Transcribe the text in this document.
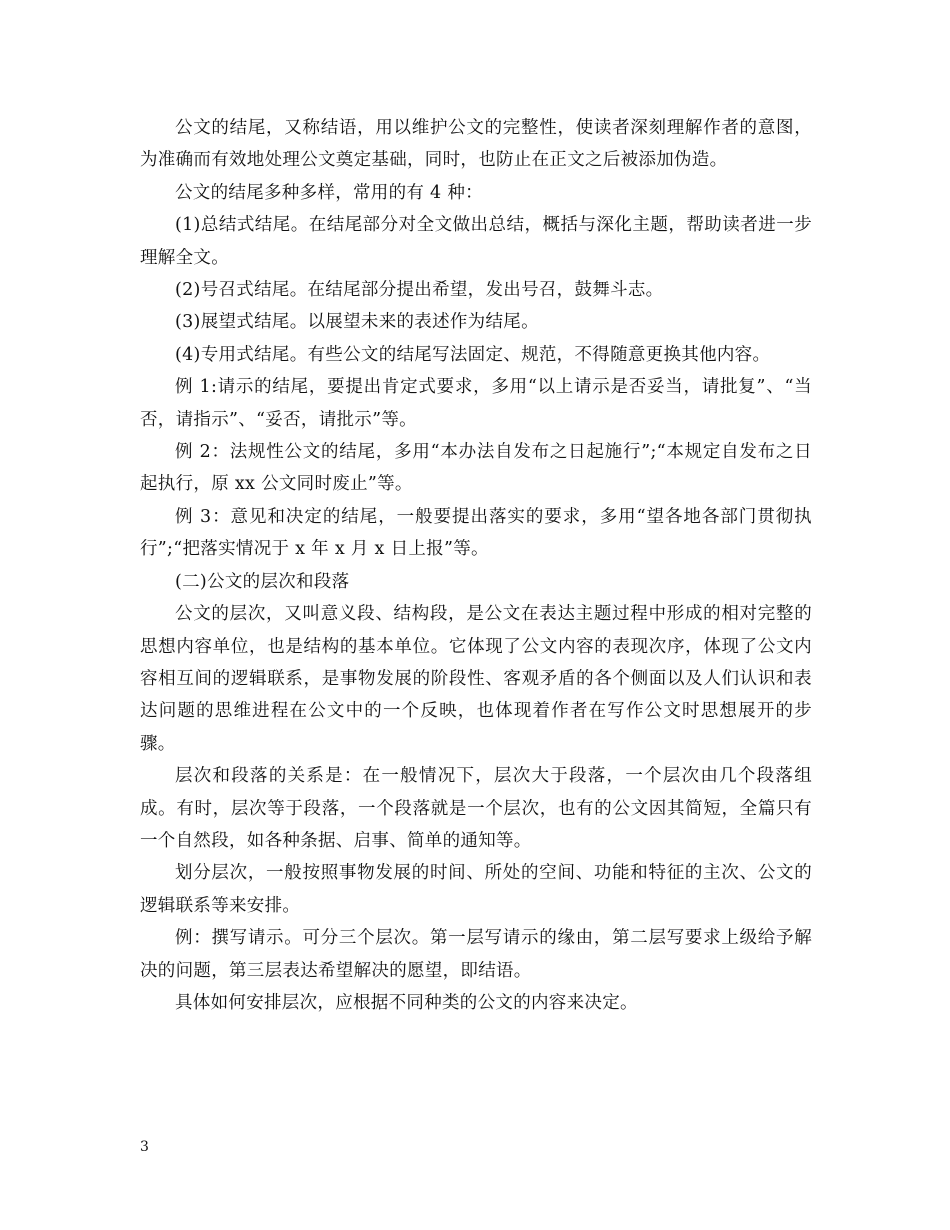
公文的结尾，又称结语，用以维护公文的完整性，使读者深刻理解作者的意图，为准确而有效地处理公文奠定基础，同时，也防止在正文之后被添加伪造。

公文的结尾多种多样，常用的有 4 种：

(1)总结式结尾。在结尾部分对全文做出总结，概括与深化主题，帮助读者进一步理解全文。

(2)号召式结尾。在结尾部分提出希望，发出号召，鼓舞斗志。

(3)展望式结尾。以展望未来的表述作为结尾。

(4)专用式结尾。有些公文的结尾写法固定、规范，不得随意更换其他内容。

例 1:请示的结尾，要提出肯定式要求，多用“以上请示是否妥当，请批复”、“当否，请指示”、“妥否，请批示”等。

例 2：法规性公文的结尾，多用“本办法自发布之日起施行”;“本规定自发布之日起执行，原 xx 公文同时废止”等。

例 3：意见和决定的结尾，一般要提出落实的要求，多用“望各地各部门贯彻执行”;“把落实情况于 x 年 x 月 x 日上报”等。

(二)公文的层次和段落

公文的层次，又叫意义段、结构段，是公文在表达主题过程中形成的相对完整的思想内容单位，也是结构的基本单位。它体现了公文内容的表现次序，体现了公文内容相互间的逻辑联系，是事物发展的阶段性、客观矛盾的各个侧面以及人们认识和表达问题的思维进程在公文中的一个反映，也体现着作者在写作公文时思想展开的步骤。

层次和段落的关系是：在一般情况下，层次大于段落，一个层次由几个段落组成。有时，层次等于段落，一个段落就是一个层次，也有的公文因其简短，全篇只有一个自然段，如各种条据、启事、简单的通知等。

划分层次，一般按照事物发展的时间、所处的空间、功能和特征的主次、公文的逻辑联系等来安排。

例：撰写请示。可分三个层次。第一层写请示的缘由，第二层写要求上级给予解决的问题，第三层表达希望解决的愿望，即结语。

具体如何安排层次，应根据不同种类的公文的内容来决定。

3
